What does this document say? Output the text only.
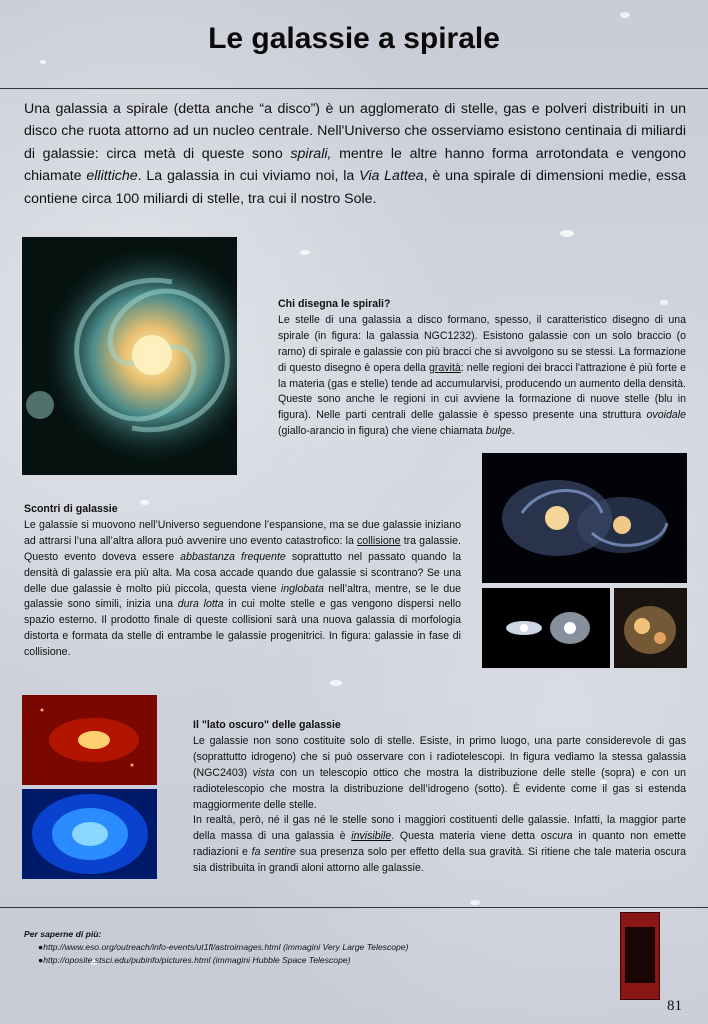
Le galassie a spirale
Una galassia a spirale (detta anche “a disco”) è un agglomerato di stelle, gas e polveri distribuiti in un disco che ruota attorno ad un nucleo centrale. Nell'Universo che osserviamo esistono centinaia di miliardi di galassie: circa metà di queste sono spirali, mentre le altre hanno forma arrotondata e vengono chiamate ellittiche. La galassia in cui viviamo noi, la Via Lattea, è una spirale di dimensioni medie, essa contiene circa 100 miliardi di stelle, tra cui il nostro Sole.
Chi disegna le spirali?

Le stelle di una galassia a disco formano, spesso, il caratteristico disegno di una spirale (in figura: la galassia NGC1232). Esistono galassie con un solo braccio (o ramo) di spirale e galassie con più bracci che si avvolgono su se stessi. La formazione di questo disegno è opera della gravità: nelle regioni dei bracci l'attrazione è più forte e la materia (gas e stelle) tende ad accumularvisi, producendo un aumento della densità. Queste sono anche le regioni in cui avviene la formazione di nuove stelle (blu in figura). Nelle parti centrali delle galassie è spesso presente una struttura ovoidale (giallo-arancio in figura) che viene chiamata bulge.

Scontri di galassie

Le galassie si muovono nell’Universo seguendone l’espansione, ma se due galassie iniziano ad attrarsi l’una all’altra allora può avvenire uno evento catastrofico: la collisione tra galassie. Questo evento doveva essere abbastanza frequente soprattutto nel passato quando la densità di galassie era più alta. Ma cosa accade quando due galassie si scontrano? Se una delle due galassie è molto più piccola, questa viene inglobata nell’altra, mentre, se le due galassie sono simili, inizia una dura lotta in cui molte stelle e gas vengono dispersi nello spazio esterno. Il prodotto finale di queste collisioni sarà una nuova galassia di morfologia distorta e formata da stelle di entrambe le galassie progenitrici. In figura: galassie in fase di collisione.

Il "lato oscuro" delle galassie

Le galassie non sono costituite solo di stelle. Esiste, in primo luogo, una parte considerevole di gas (soprattutto idrogeno) che si può osservare con i radiotelescopi. In figura vediamo la stessa galassia (NGC2403) vista con un telescopio ottico che mostra la distribuzione delle stelle (sopra) e con un radiotelescopio che mostra la distribuzione dell’idrogeno (sotto). È evidente come il gas si estenda maggiormente delle stelle.

In realtà, però, né il gas né le stelle sono i maggiori costituenti delle galassie. Infatti, la maggior parte della massa di una galassia è invisibile. Questa materia viene detta oscura in quanto non emette radiazioni e fa sentire sua presenza solo per effetto della sua gravità. Si ritiene che tale materia oscura sia distribuita in grandi aloni attorno alle galassie.

Per saperne di più:
●http://www.eso.org/outreach/info-events/ut1fl/astroimages.html (immagini Very Large Telescope)
●http://oposite.stsci.edu/pubinfo/pictures.html (immagini Hubble Space Telescope)
81
